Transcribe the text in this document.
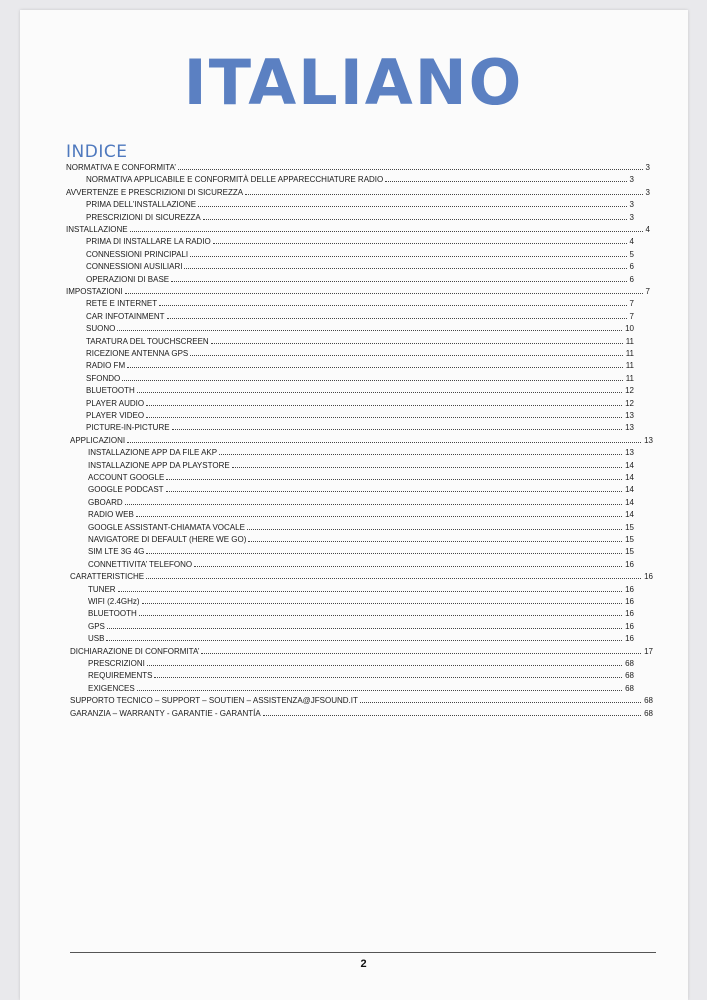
ITALIANO
INDICE
NORMATIVA E CONFORMITA’	3
NORMATIVA APPLICABILE E CONFORMITÀ DELLE APPARECCHIATURE RADIO	3
AVVERTENZE E PRESCRIZIONI DI SICUREZZA	3
PRIMA DELL’INSTALLAZIONE	3
PRESCRIZIONI DI SICUREZZA	3
INSTALLAZIONE	4
PRIMA DI INSTALLARE LA RADIO	4
CONNESSIONI PRINCIPALI	5
CONNESSIONI AUSILIARI	6
OPERAZIONI DI BASE	6
IMPOSTAZIONI	7
RETE E INTERNET	7
CAR INFOTAINMENT	7
SUONO	10
TARATURA DEL TOUCHSCREEN	11
RICEZIONE ANTENNA GPS	11
RADIO FM	11
SFONDO	11
BLUETOOTH	12
PLAYER AUDIO	12
PLAYER VIDEO	13
PICTURE-IN-PICTURE	13
APPLICAZIONI	13
INSTALLAZIONE APP DA FILE AKP	13
INSTALLAZIONE APP DA PLAYSTORE	14
ACCOUNT GOOGLE	14
GOOGLE PODCAST	14
GBOARD	14
RADIO WEB	14
GOOGLE ASSISTANT-CHIAMATA VOCALE	15
NAVIGATORE DI DEFAULT (HERE WE GO)	15
SIM LTE 3G 4G	15
CONNETTIVITA’ TELEFONO	16
CARATTERISTICHE	16
TUNER	16
WIFI (2.4GHz)	16
BLUETOOTH	16
GPS	16
USB	16
DICHIARAZIONE DI CONFORMITA’	17
PRESCRIZIONI	68
REQUIREMENTS	68
EXIGENCES	68
SUPPORTO TECNICO – SUPPORT – SOUTIEN – ASSISTENZA@JFSOUND.IT	68
GARANZIA – WARRANTY - GARANTIE - GARANTÍA	68
2
